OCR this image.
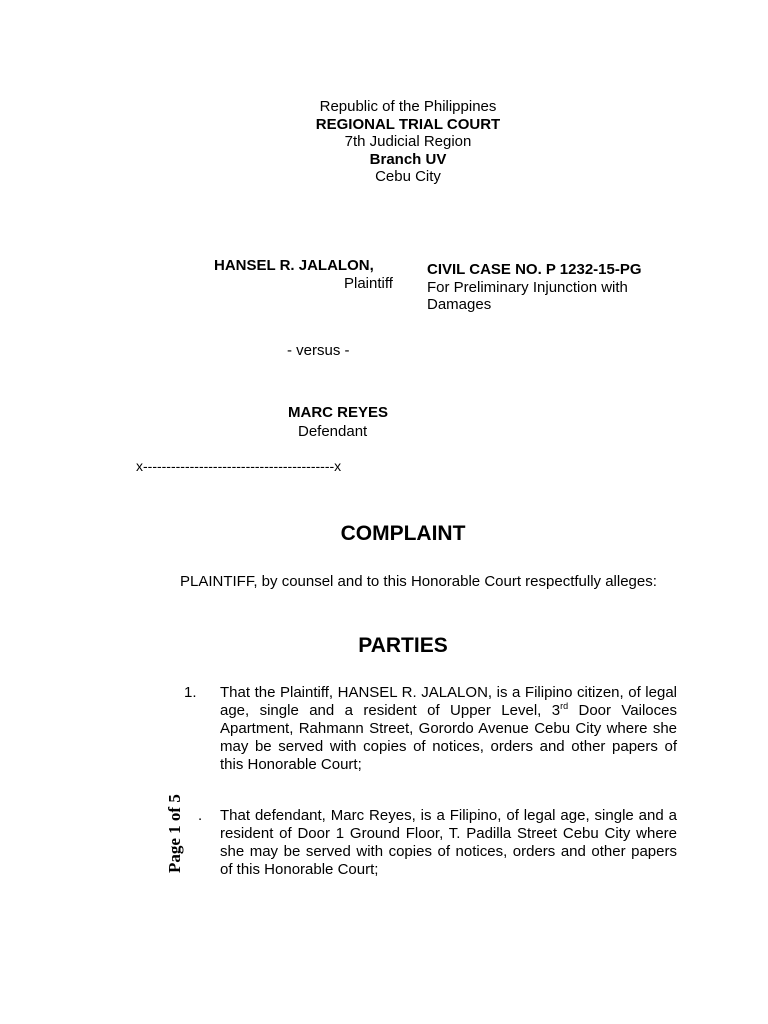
Republic of the Philippines
REGIONAL TRIAL COURT
7th Judicial Region
Branch UV
Cebu City
HANSEL R. JALALON,
Plaintiff
CIVIL CASE NO. P 1232-15-PG
For Preliminary Injunction with Damages
- versus -
MARC REYES
Defendant
x-----------------------------------------x
COMPLAINT
PLAINTIFF, by counsel and to this Honorable Court respectfully alleges:
PARTIES
1. That the Plaintiff, HANSEL R. JALALON, is a Filipino citizen, of legal age, single and a resident of Upper Level, 3rd Door Vailoces Apartment, Rahmann Street, Gorordo Avenue Cebu City where she may be served with copies of notices, orders and other papers of this Honorable Court;
. That defendant, Marc Reyes, is a Filipino, of legal age, single and a resident of Door 1 Ground Floor, T. Padilla Street Cebu City where she may be served with copies of notices, orders and other papers of this Honorable Court;
Page 1 of 5
